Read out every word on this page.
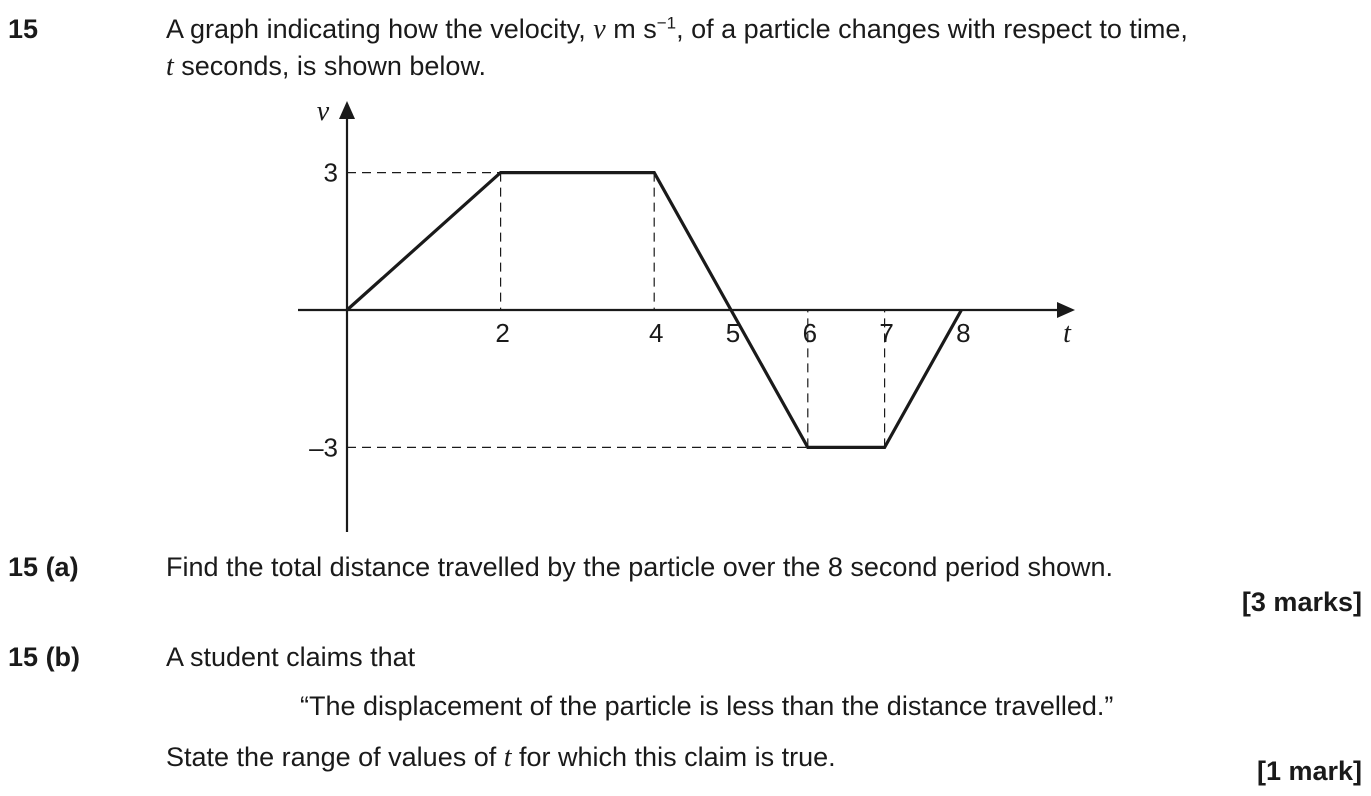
15	A graph indicating how the velocity, v m $s^{-1}$, of a particle changes with respect to time,
t seconds, is shown below.
2	4 5 6 7 8
3
–3
t
v
15 (a)	Find the total distance travelled by the particle over the 8 second period shown.
[3 marks]
15 (b)	A student claims that
“The displacement of the particle is less than the distance travelled.”
State the range of values of t for which this claim is true.	[1 mark]
